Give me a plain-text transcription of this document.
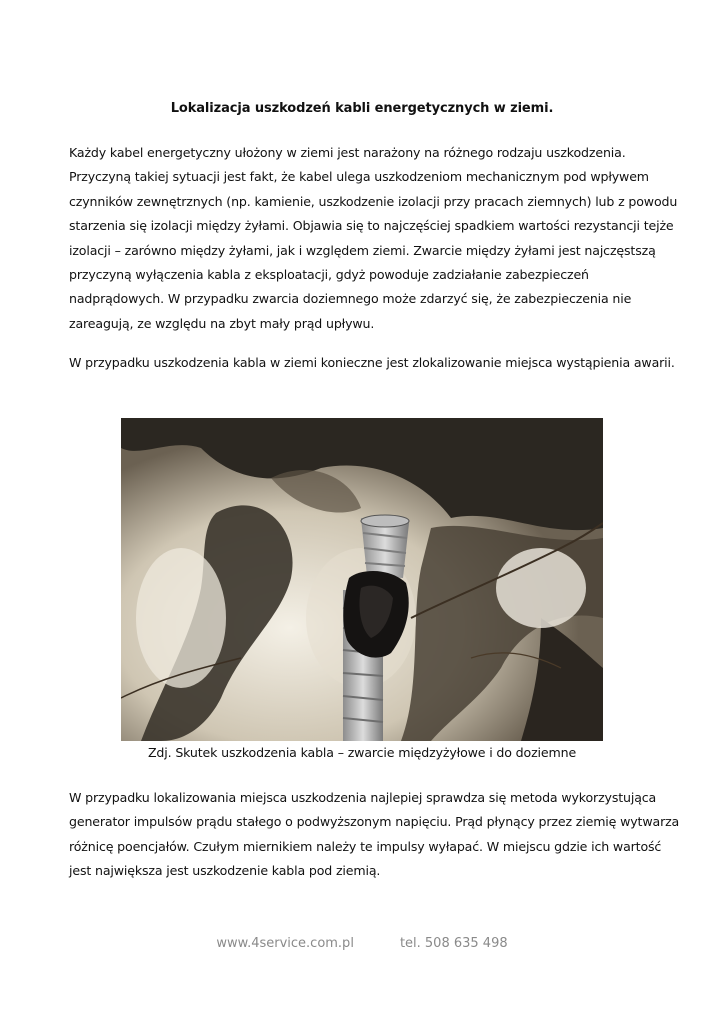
Lokalizacja uszkodzeń kabli energetycznych w ziemi.
Każdy kabel energetyczny ułożony w ziemi jest narażony na różnego rodzaju uszkodzenia.
Przyczyną takiej sytuacji jest fakt, że kabel ulega uszkodzeniom mechanicznym pod wpływem
czynników zewnętrznych (np. kamienie, uszkodzenie izolacji przy pracach ziemnych) lub z powodu
starzenia się izolacji między żyłami. Objawia się to najczęściej spadkiem wartości rezystancji tejże
izolacji – zarówno między żyłami, jak i względem ziemi. Zwarcie między żyłami jest najczęstszą
przyczyną wyłączenia kabla z eksploatacji, gdyż powoduje zadziałanie zabezpieczeń
nadprądowych. W przypadku zwarcia doziemnego może zdarzyć się, że zabezpieczenia nie
zareagują, ze względu na zbyt mały prąd upływu.
W przypadku uszkodzenia kabla w ziemi konieczne jest zlokalizowanie miejsca wystąpienia awarii.
Zdj. Skutek uszkodzenia kabla – zwarcie międzyżyłowe i do doziemne
W przypadku lokalizowania miejsca uszkodzenia najlepiej sprawdza się metoda wykorzystująca
generator impulsów prądu stałego o podwyższonym napięciu. Prąd płynący przez ziemię wytwarza
różnicę poencjałów. Czułym miernikiem należy te impulsy wyłapać. W miejscu gdzie ich wartość
jest największa jest uszkodzenie kabla pod ziemią.
www.4service.com.pl	tel. 508 635 498
